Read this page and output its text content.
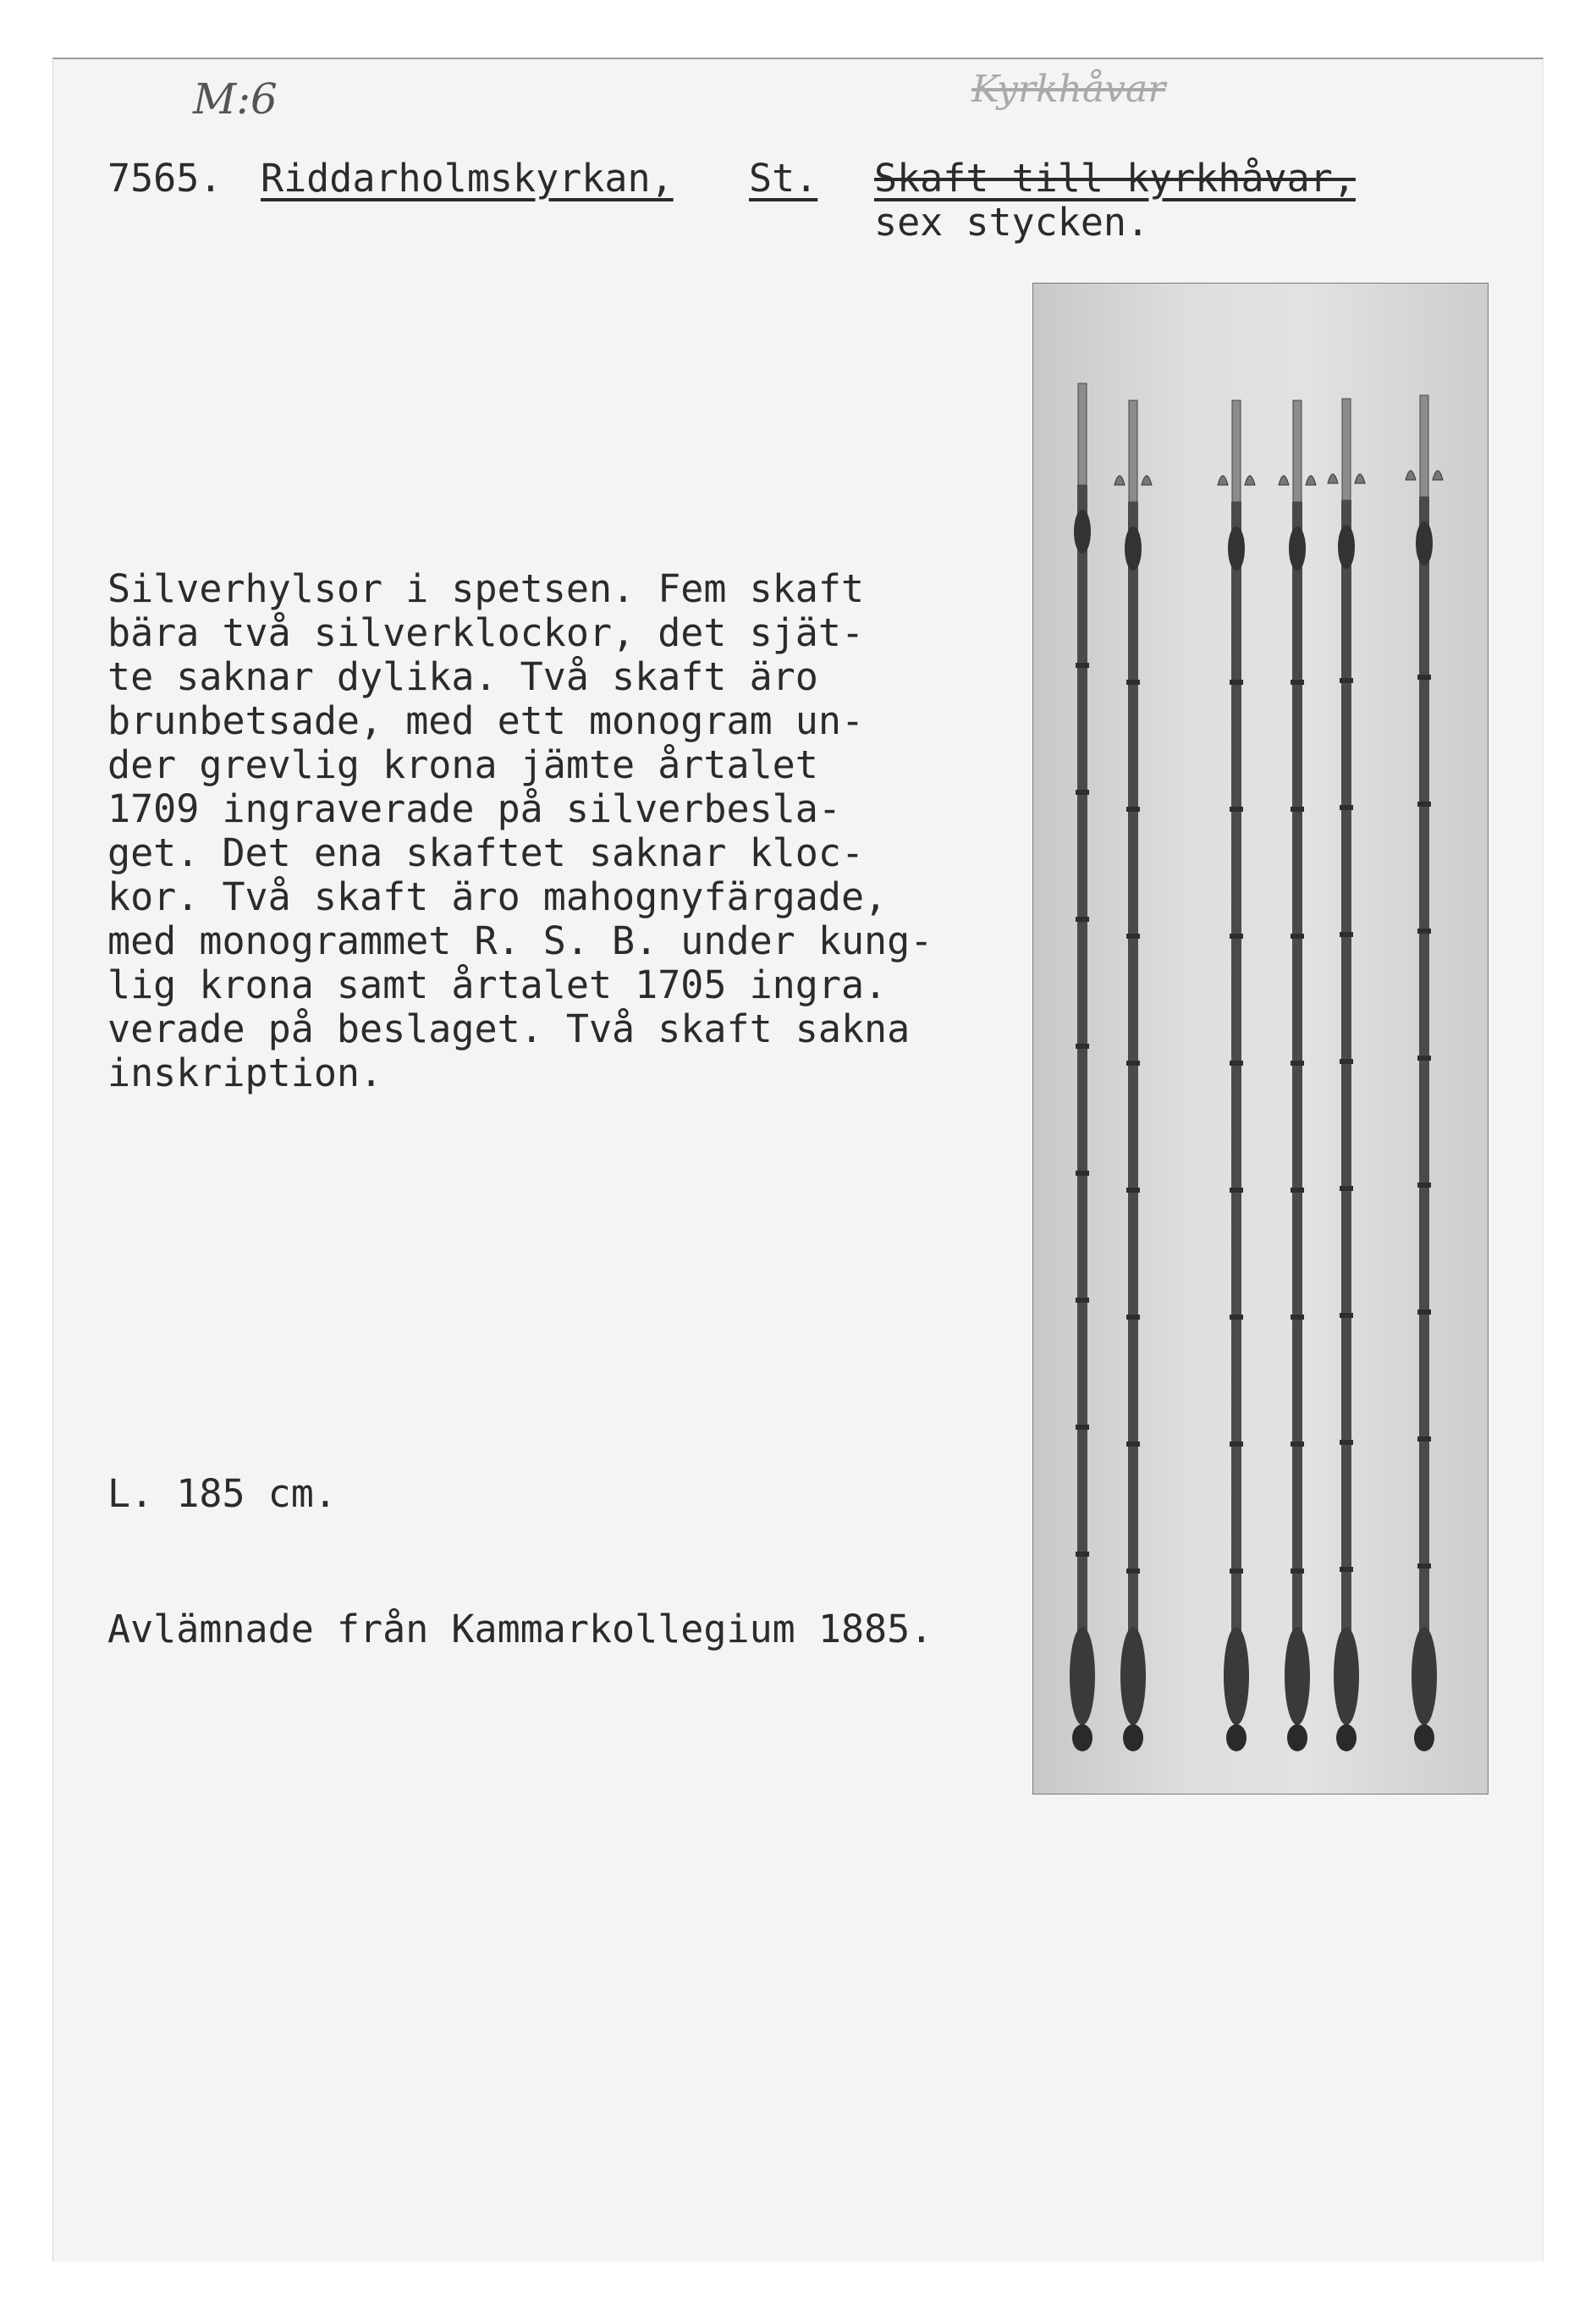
M:6	Kyrkhåvar
7565. Riddarholmskyrkan, St. Skaft till kyrkhåvar,
sex stycken.

Silverhylsor i spetsen. Fem skaft
bära två silverklockor, det sjät-
te saknar dylika. Två skaft äro
brunbetsade, med ett monogram un-
der grevlig krona jämte årtalet
1709 ingraverade på silverbesla-
get. Det ena skaftet saknar kloc-
kor. Två skaft äro mahognyfärgade,
med monogrammet R. S. B. under kung-
lig krona samt årtalet 1705 ingra.
verade på beslaget. Två skaft sakna
inskription.

L. 185 cm.
Avlämnade från Kammarkollegium 1885.
